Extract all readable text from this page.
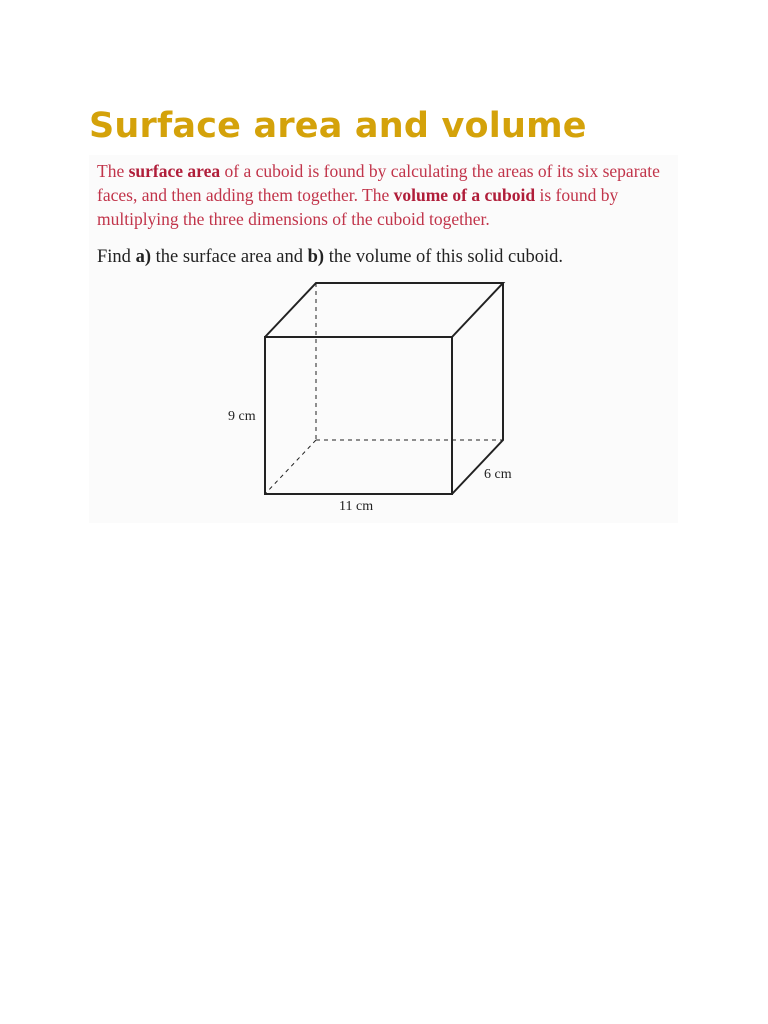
Surface area and volume

The surface area of a cuboid is found by calculating the areas of its six separate faces, and then adding them together. The volume of a cuboid is found by multiplying the three dimensions of the cuboid together.

Find a) the surface area and b) the volume of this solid cuboid.

9 cm
6 cm
11 cm
